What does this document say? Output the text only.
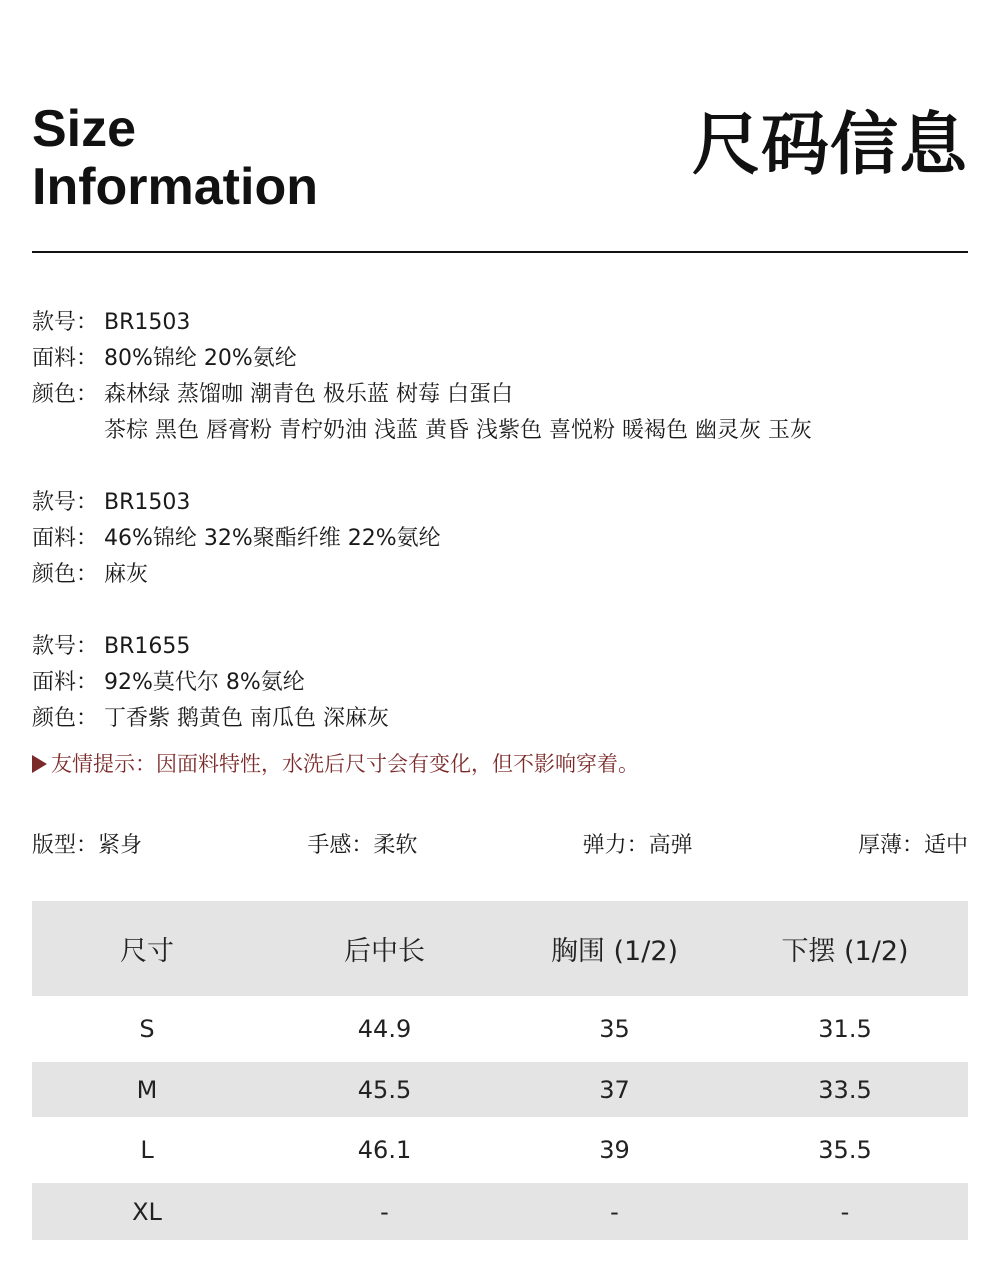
Size
Information
尺码信息
款号： BR1503
面料： 80%锦纶 20%氨纶
颜色： 森林绿 蒸馏咖 潮青色 极乐蓝 树莓 白蛋白
茶棕 黑色 唇膏粉 青柠奶油 浅蓝 黄昏 浅紫色 喜悦粉 暖褐色 幽灵灰 玉灰
款号： BR1503
面料： 46%锦纶 32%聚酯纤维 22%氨纶
颜色： 麻灰
款号： BR1655
面料： 92%莫代尔 8%氨纶
颜色： 丁香紫 鹅黄色 南瓜色 深麻灰
友情提示：因面料特性，水洗后尺寸会有变化，但不影响穿着。
版型：紧身	手感：柔软	弹力：高弹	厚薄：适中
尺寸	后中长	胸围 (1/2)	下摆 (1/2)
S	44.9	35	31.5
M	45.5	37	33.5
L	46.1	39	35.5
XL	-	-	-
